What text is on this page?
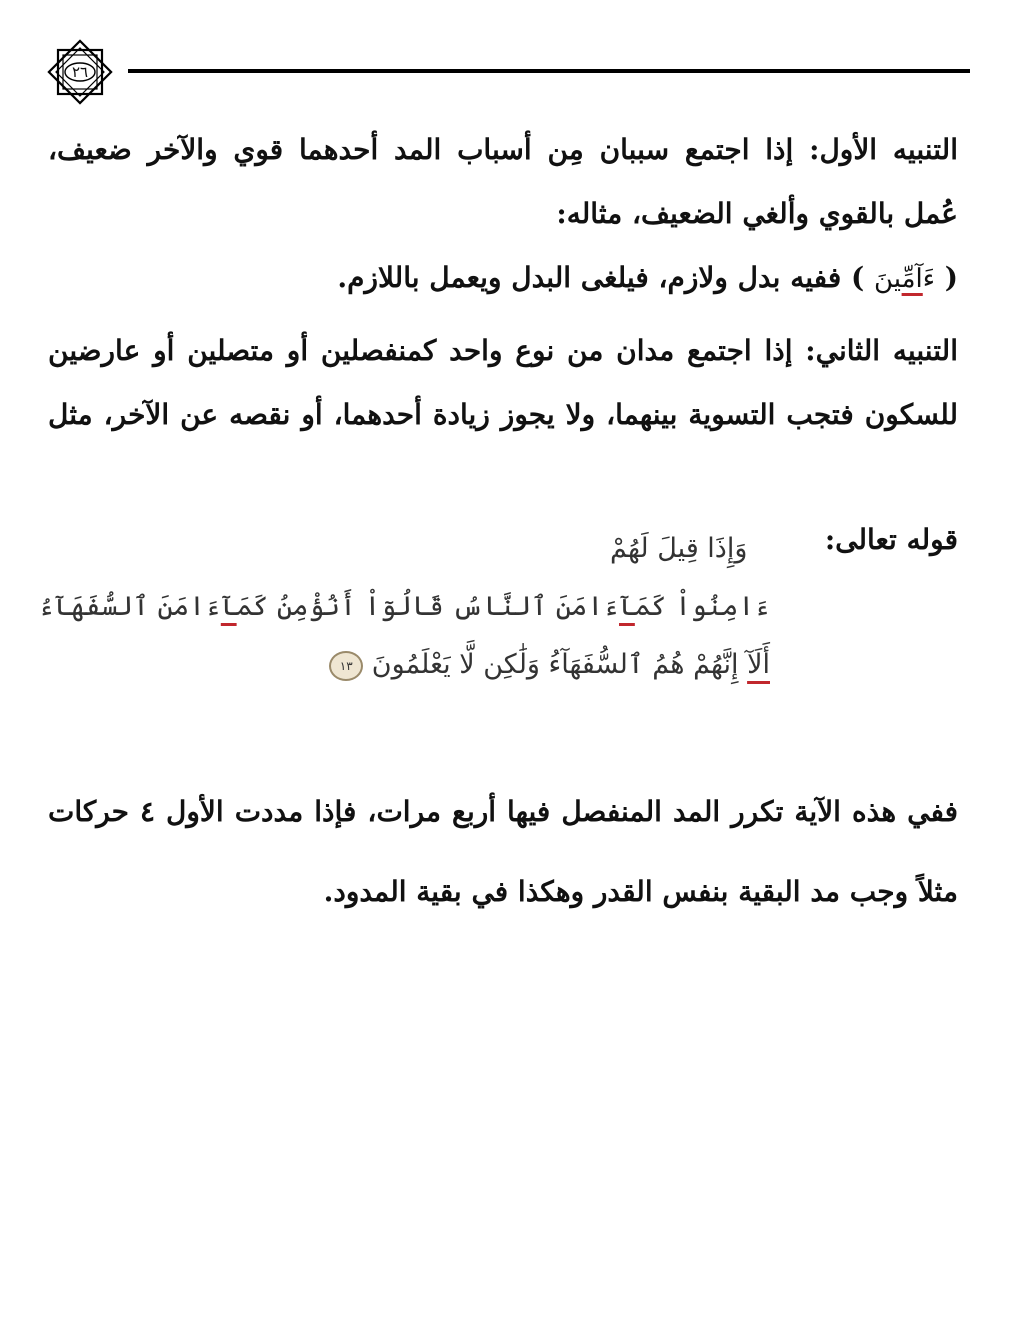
٢٦

التنبيه الأول: إذا اجتمع سببان مِن أسباب المد أحدهما قوي والآخر ضعيف،
عُمل بالقوي وألغي الضعيف، مثاله:
( ءَآمِّينَ ) ففيه بدل ولازم، فيلغى البدل ويعمل باللازم.

التنبيه الثاني: إذا اجتمع مدان من نوع واحد كمنفصلين أو متصلين أو عارضين
للسكون فتجب التسوية بينهما، ولا يجوز زيادة أحدهما، أو نقصه عن الآخر، مثل

قوله تعالى:
وَإِذَا قِيلَ لَهُمْ
ءَامِنُواْ كَمَآءَامَنَ ٱلنَّاسُ قَالُوٓاْ أَنُؤْمِنُ كَمَآءَامَنَ ٱلسُّفَهَآءُ
أَلَآ إِنَّهُمْ هُمُ ٱلسُّفَهَآءُ وَلَٰكِن لَّا يَعْلَمُونَ ١٣
ففي هذه الآية تكرر المد المنفصل فيها أربع مرات، فإذا مددت الأول ٤ حركات
مثلاً وجب مد البقية بنفس القدر وهكذا في بقية المدود.
